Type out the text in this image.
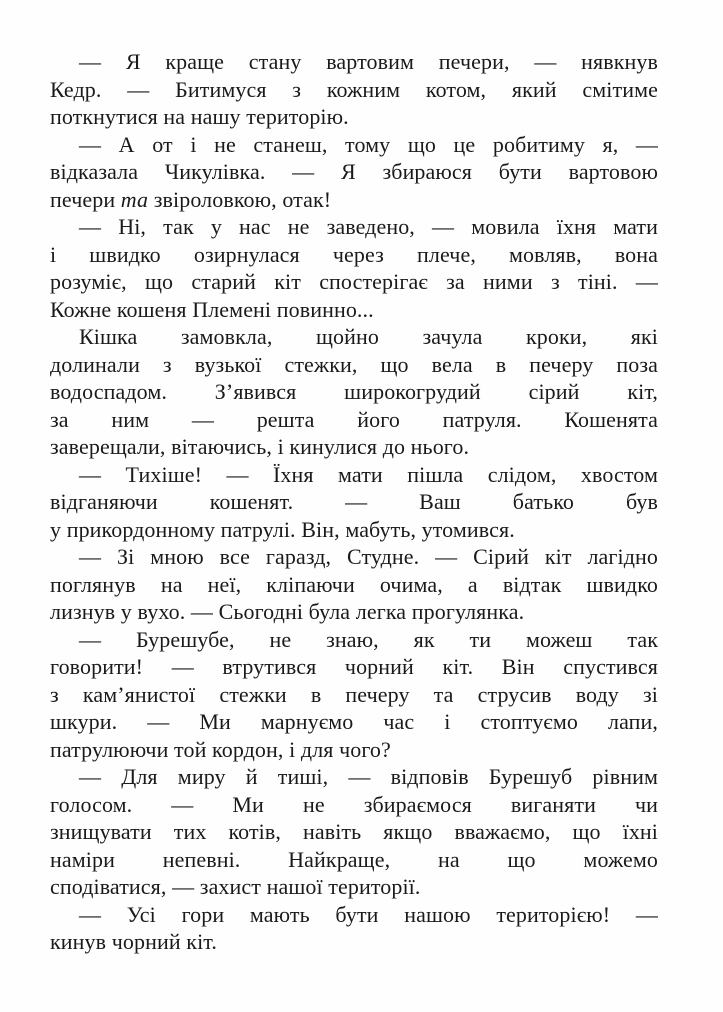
— Я краще стану вартовим печери, — нявкнув
Кедр. — Битимуся з кожним котом, який смітиме
поткнутися на нашу територію.
— А от і не станеш, тому що це робитиму я, —
відказала Чикулівка. — Я збираюся бути вартовою
печери та звіроловкою, отак!
— Ні, так у нас не заведено, — мовила їхня мати
і швидко озирнулася через плече, мовляв, вона
розуміє, що старий кіт спостерігає за ними з тіні. —
Кожне кошеня Племені повинно...
Кішка замовкла, щойно зачула кроки, які
долинали з вузької стежки, що вела в печеру поза
водоспадом. З’явився широкогрудий сірий кіт,
за ним — решта його патруля. Кошенята
заверещали, вітаючись, і кинулися до нього.
— Тихіше! — Їхня мати пішла слідом, хвостом
відганяючи кошенят. — Ваш батько був
у прикордонному патрулі. Він, мабуть, утомився.
— Зі мною все гаразд, Студне. — Сірий кіт лагідно
поглянув на неї, кліпаючи очима, а відтак швидко
лизнув у вухо. — Сьогодні була легка прогулянка.
— Бурешубе, не знаю, як ти можеш так
говорити! — втрутився чорний кіт. Він спустився
з кам’янистої стежки в печеру та струсив воду зі
шкури. — Ми марнуємо час і стоптуємо лапи,
патрулюючи той кордон, і для чого?
— Для миру й тиші, — відповів Бурешуб рівним
голосом. — Ми не збираємося виганяти чи
знищувати тих котів, навіть якщо вважаємо, що їхні
наміри непевні. Найкраще, на що можемо
сподіватися, — захист нашої території.
— Усі гори мають бути нашою територією! —
кинув чорний кіт.
